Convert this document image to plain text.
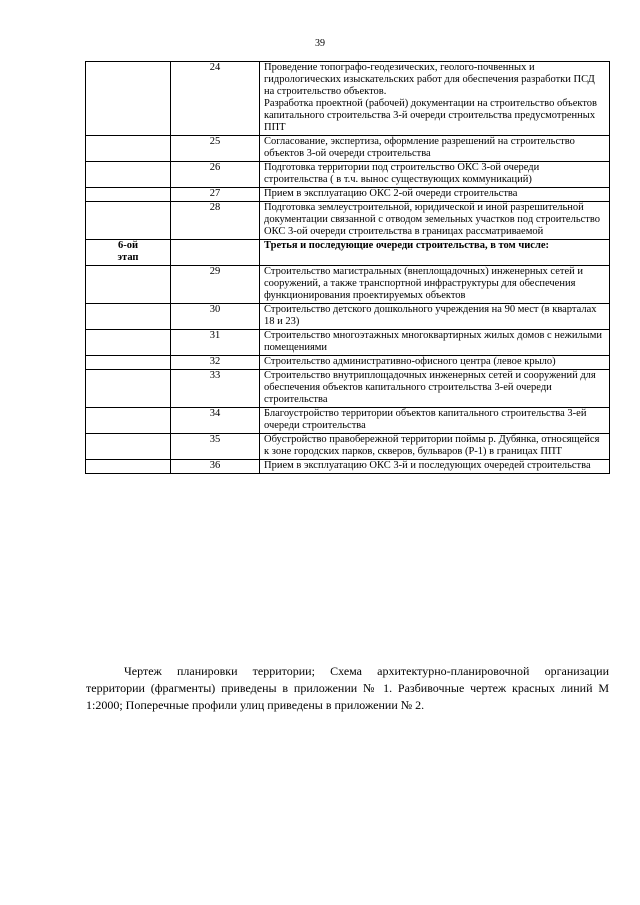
39
	24	Проведение топографо-геодезических, геолого-почвенных и гидрологических изыскательских работ для обеспечения разработки ПСД на строительство объектов.
Разработка проектной (рабочей) документации на строительство объектов капитального строительства 3-й очереди строительства предусмотренных ППТ
	25	Согласование, экспертиза, оформление разрешений на строительство объектов 3-ой очереди строительства
	26	Подготовка территории под строительство ОКС 3-ой очереди строительства ( в т.ч. вынос существующих коммуникаций)
	27	Прием в эксплуатацию ОКС 2-ой очереди строительства
	28	Подготовка землеустроительной, юридической и иной разрешительной документации связанной с отводом земельных участков под строительство ОКС 3-ой очереди строительства в границах рассматриваемой
6-ой
этап		Третья и последующие очереди строительства, в том числе:
	29	Строительство магистральных (внеплощадочных) инженерных сетей и сооружений, а также транспортной инфраструктуры для обеспечения функционирования проектируемых объектов
	30	Строительство детского дошкольного учреждения на 90 мест (в кварталах 18 и 23)
	31	Строительство многоэтажных многоквартирных жилых домов с нежилыми помещениями
	32	Строительство административно-офисного центра (левое крыло)
	33	Строительство внутриплощадочных инженерных сетей и сооружений для обеспечения объектов капитального строительства 3-ей очереди строительства
	34	Благоустройство территории объектов капитального строительства 3-ей очереди строительства
	35	Обустройство правобережной территории поймы р. Дубянка, относящейся к зоне городских парков, скверов, бульваров (Р-1) в границах ППТ
	36	Прием в эксплуатацию ОКС 3-й и последующих очередей строительства

Чертеж планировки территории; Схема архитектурно-планировочной организации территории (фрагменты) приведены в приложении № 1. Разбивочные чертеж красных линий М 1:2000; Поперечные профили улиц приведены в приложении № 2.
